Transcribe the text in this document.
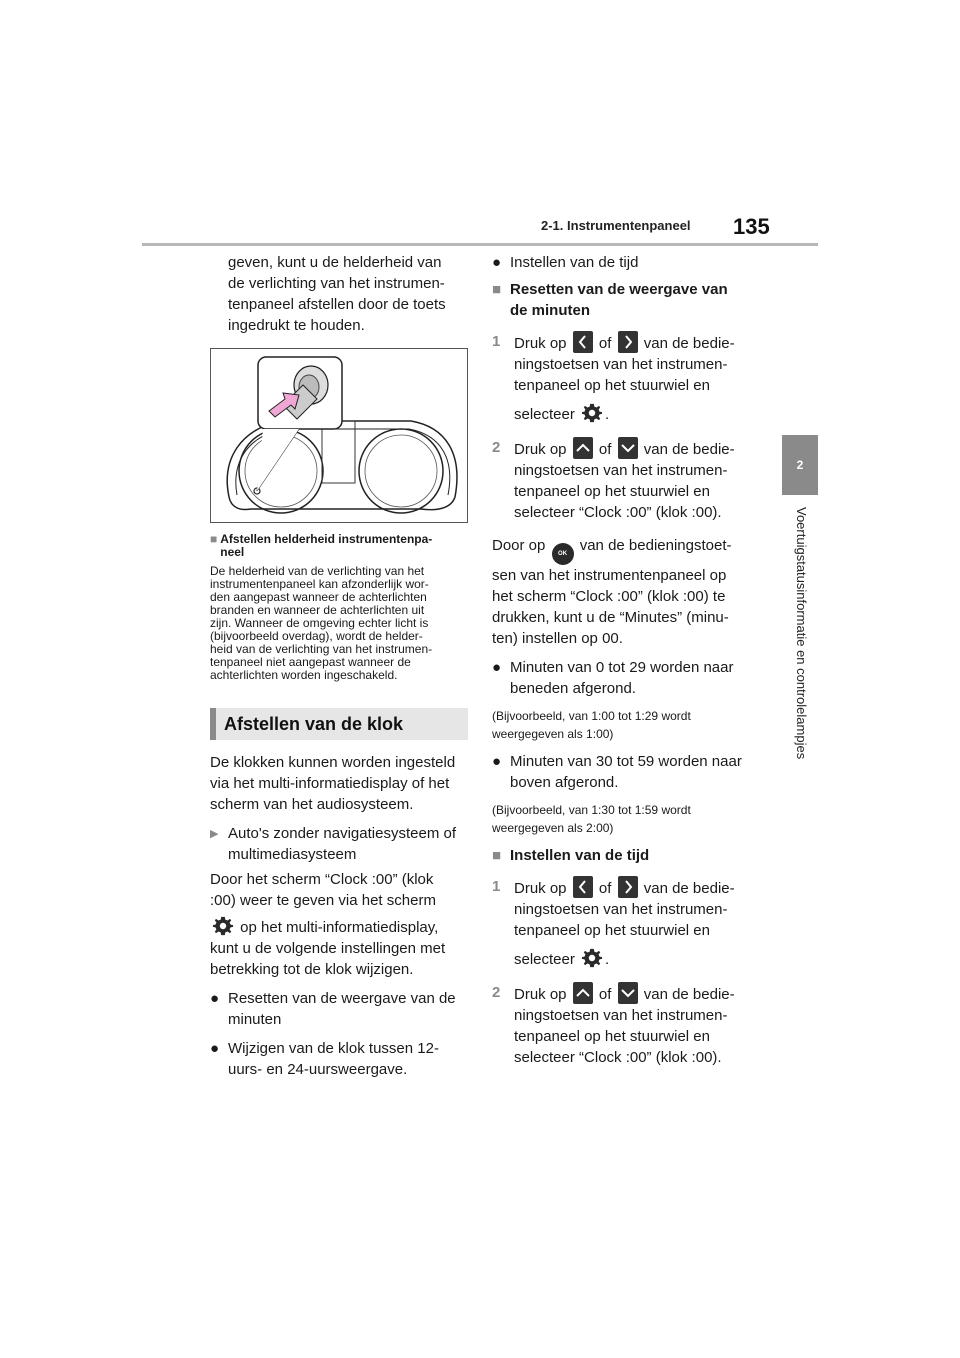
2-1. Instrumentenpaneel 135
2
Voertuigstatusinformatie en controlelampjes
geven, kunt u de helderheid van
de verlichting van het instrumen-
tenpaneel afstellen door de toets
ingedrukt te houden.
■ Afstellen helderheid instrumentenpa-
neel
De helderheid van de verlichting van het
instrumentenpaneel kan afzonderlijk wor-
den aangepast wanneer de achterlichten
branden en wanneer de achterlichten uit
zijn. Wanneer de omgeving echter licht is
(bijvoorbeeld overdag), wordt de helder-
heid van de verlichting van het instrumen-
tenpaneel niet aangepast wanneer de
achterlichten worden ingeschakeld.
Afstellen van de klok
De klokken kunnen worden ingesteld
via het multi-informatiedisplay of het
scherm van het audiosysteem.
▶ Auto's zonder navigatiesysteem of
multimediasysteem
Door het scherm “Clock :00” (klok
:00) weer te geven via het scherm
op het multi-informatiedisplay,
kunt u de volgende instellingen met
betrekking tot de klok wijzigen.
● Resetten van de weergave van de
minuten
● Wijzigen van de klok tussen 12-
uurs- en 24-uursweergave.
● Instellen van de tijd
■ Resetten van de weergave van
de minuten
1 Druk op
of
van de bedie-
ningstoetsen van het instrumen-
tenpaneel op het stuurwiel en
selecteer .
2 Druk op
of
van de bedie-
ningstoetsen van het instrumen-
tenpaneel op het stuurwiel en
selecteer “Clock :00” (klok :00).
Door op OK van de bedieningstoet-
sen van het instrumentenpaneel op
het scherm “Clock :00” (klok :00) te
drukken, kunt u de “Minutes” (minu-
ten) instellen op 00.
● Minuten van 0 tot 29 worden naar
beneden afgerond.
(Bijvoorbeeld, van 1:00 tot 1:29 wordt
weergegeven als 1:00)
● Minuten van 30 tot 59 worden naar
boven afgerond.
(Bijvoorbeeld, van 1:30 tot 1:59 wordt
weergegeven als 2:00)
■ Instellen van de tijd
1 Druk op
of
van de bedie-
ningstoetsen van het instrumen-
tenpaneel op het stuurwiel en
selecteer .
2 Druk op
of
van de bedie-
ningstoetsen van het instrumen-
tenpaneel op het stuurwiel en
selecteer “Clock :00” (klok :00).
